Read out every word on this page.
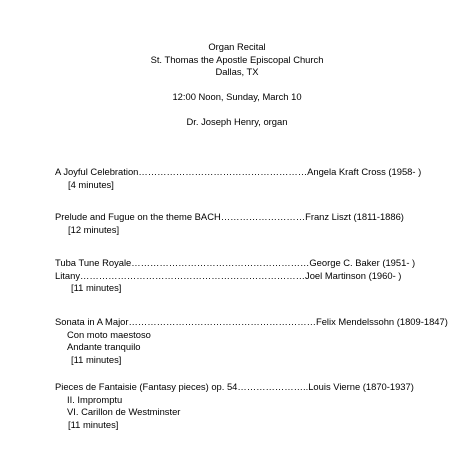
Organ Recital
St. Thomas the Apostle Episcopal Church
Dallas, TX
12:00 Noon, Sunday, March 10
Dr. Joseph Henry, organ
A Joyful Celebration………………………………………………Angela Kraft Cross (1958- )
[4 minutes]
Prelude and Fugue on the theme BACH………………………Franz Liszt (1811-1886)
[12 minutes]
Tuba Tune Royale…………………………………………………George C. Baker (1951- )
Litany………………………………………………………………Joel Martinson (1960- )
[11 minutes]
Sonata in A Major……………………………………………………Felix Mendelssohn (1809-1847)
Con moto maestoso
Andante tranquilo
[11 minutes]
Pieces de Fantaisie (Fantasy pieces) op. 54…………………..Louis Vierne (1870-1937)
II. Impromptu
VI. Carillon de Westminster
[11 minutes]
